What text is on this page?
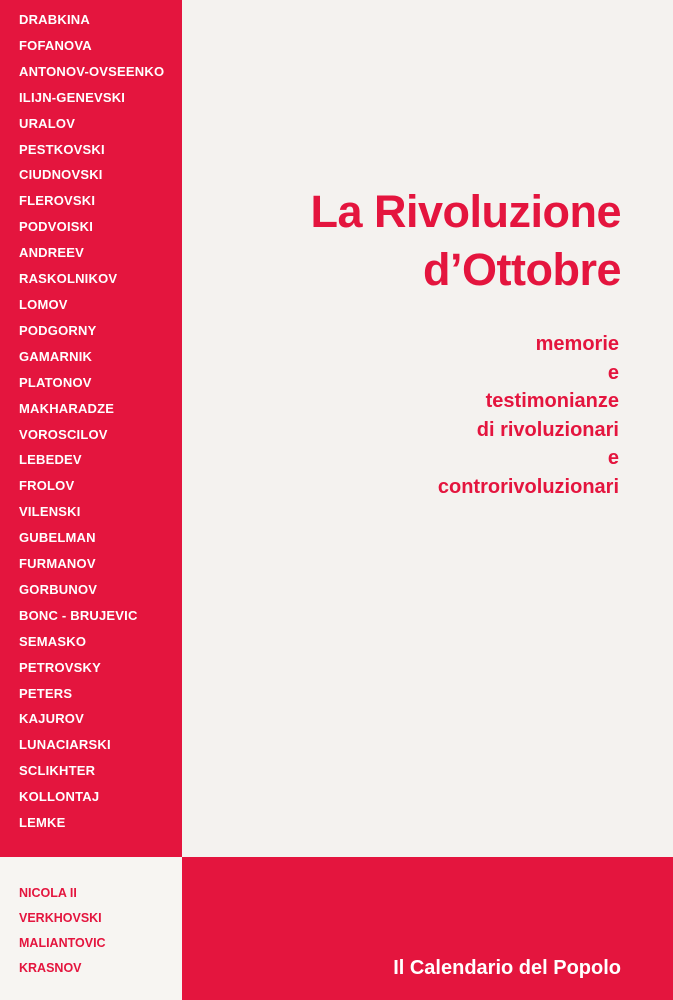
DRABKINA
FOFANOVA
ANTONOV-OVSEENKO
ILIJN-GENEVSKI
URALOV
PESTKOVSKI
CIUDNOVSKI
FLEROVSKI
PODVOISKI
ANDREEV
RASKOLNIKOV
LOMOV
PODGORNY
GAMARNIK
PLATONOV
MAKHARADZE
VOROSCILOV
LEBEDEV
FROLOV
VILENSKI
GUBELMAN
FURMANOV
GORBUNOV
BONC - BRUJEVIC
SEMASKO
PETROVSKY
PETERS
KAJUROV
LUNACIARSKI
SCLIKHTER
KOLLONTAJ
LEMKE
NICOLA II
VERKHOVSKI
MALIANTOVIC
KRASNOV
La Rivoluzione
d’Ottobre
memorie
e
testimonianze
di rivoluzionari
e
controrivoluzionari

Il Calendario del Popolo
